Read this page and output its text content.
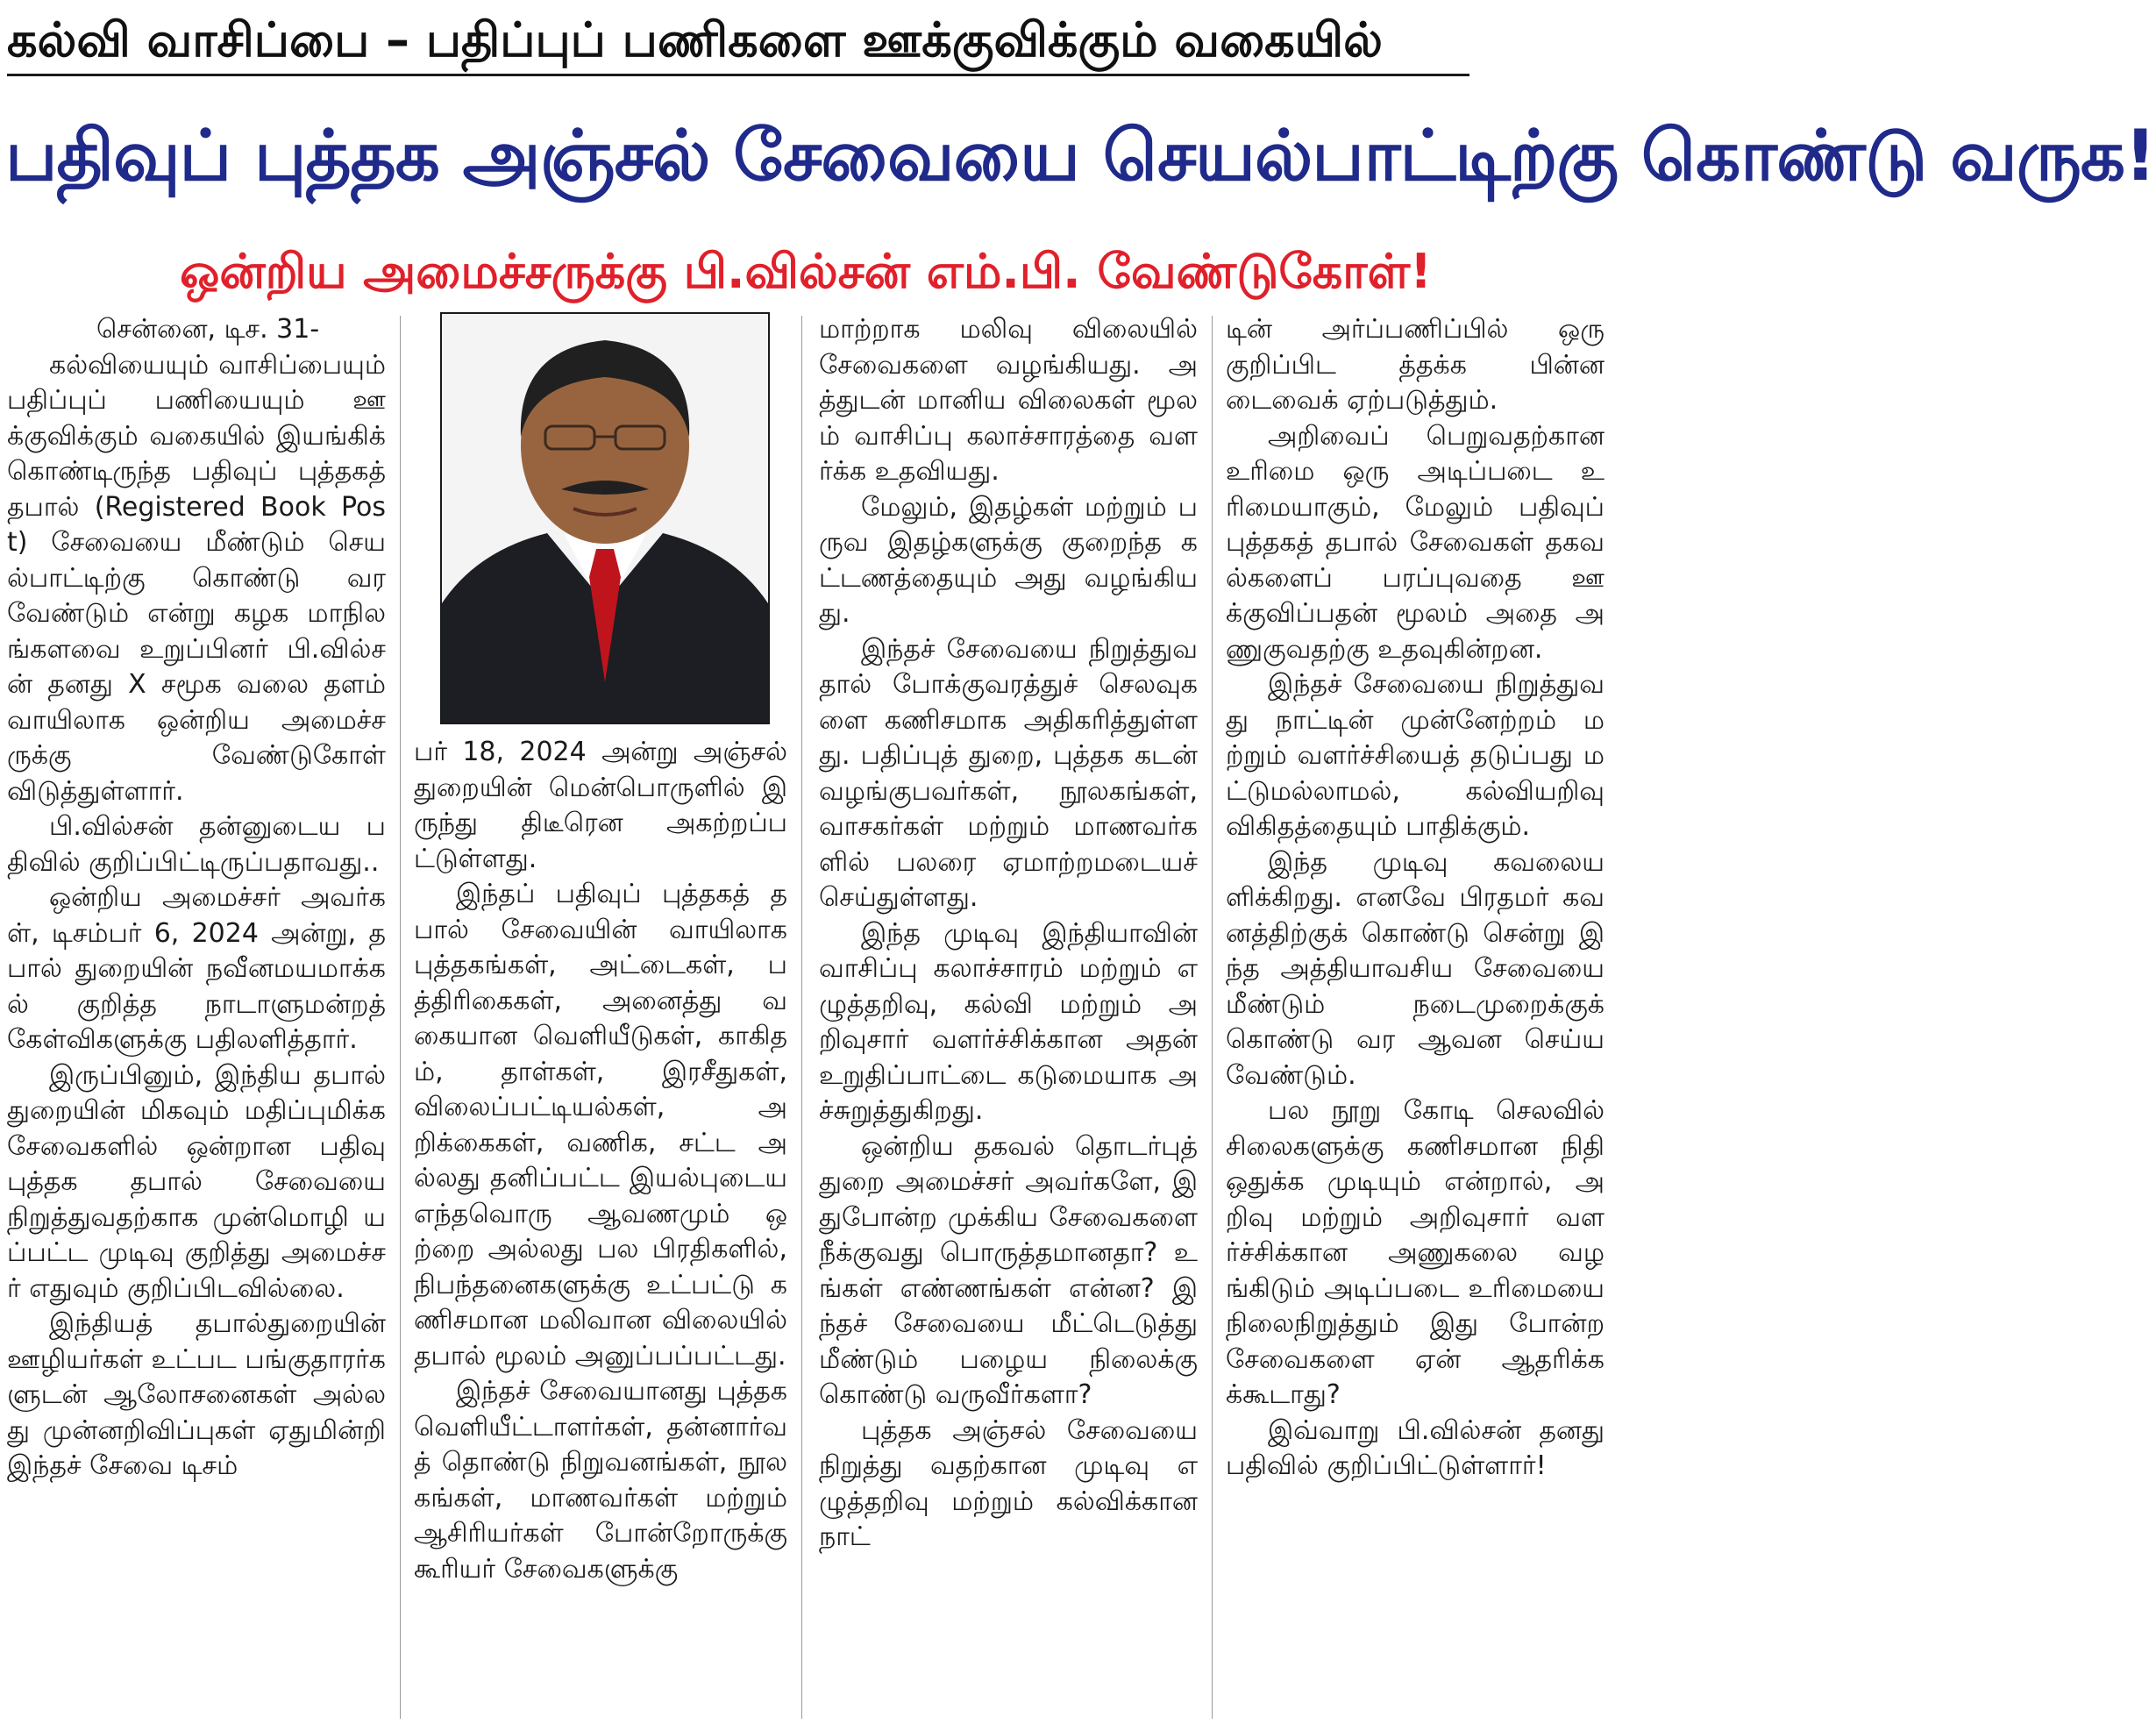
கல்வி வாசிப்பை – பதிப்புப் பணிகளை ஊக்குவிக்கும் வகையில்
பதிவுப் புத்தக அஞ்சல் சேவையை செயல்பாட்டிற்கு கொண்டு வருக!
ஒன்றிய அமைச்சருக்கு பி.வில்சன் எம்.பி. வேண்டுகோள்!

சென்னை, டிச. 31-

கல்வியையும் வாசிப்பையும் பதிப்புப் பணியையும் ஊக்குவிக்கும் வகையில் இயங்கிக் கொண்டிருந்த பதிவுப் புத்தகத் தபால் (Registered Book Post) சேவையை மீண்டும் செயல்பாட்டிற்கு கொண்டு வர வேண்டும் என்று கழக மாநிலங்களவை உறுப்பினர் பி.வில்சன் தனது X சமூக வலை தளம் வாயிலாக ஒன்றிய அமைச்சருக்கு வேண்டுகோள் விடுத்துள்ளார்.

பி.வில்சன் தன்னுடைய பதிவில் குறிப்பிட்டிருப்பதாவது..

ஒன்றிய அமைச்சர் அவர்கள், டிசம்பர் 6, 2024 அன்று, தபால் துறையின் நவீனமயமாக்கல் குறித்த நாடாளுமன்றத் கேள்விகளுக்கு பதிலளித்தார்.

இருப்பினும், இந்திய தபால் துறையின் மிகவும் மதிப்புமிக்க சேவைகளில் ஒன்றான பதிவு புத்தக தபால் சேவையை நிறுத்துவதற்காக முன்மொழி யப்பட்ட முடிவு குறித்து அமைச்சர் எதுவும் குறிப்பிடவில்லை.

இந்தியத் தபால்துறையின் ஊழியர்கள் உட்பட பங்குதாரர்களுடன் ஆலோசனைகள் அல்லது முன்னறிவிப்புகள் ஏதுமின்றி இந்தச் சேவை டிசம்

பர் 18, 2024 அன்று அஞ்சல் துறையின் மென்பொருளில் இருந்து திடீரென அகற்றப்பட்டுள்ளது.

இந்தப் பதிவுப் புத்தகத் தபால் சேவையின் வாயிலாக புத்தகங்கள், அட்டைகள், பத்திரிகைகள், அனைத்து வகையான வெளியீடுகள், காகிதம், தாள்கள், இரசீதுகள், விலைப்பட்டியல்கள், அறிக்கைகள், வணிக, சட்ட அல்லது தனிப்பட்ட இயல்புடைய எந்தவொரு ஆவணமும் ஒற்றை அல்லது பல பிரதிகளில், நிபந்தனைகளுக்கு உட்பட்டு கணிசமான மலிவான விலையில் தபால் மூலம் அனுப்பப்பட்டது.

இந்தச் சேவையானது புத்தக வெளியீட்டாளர்கள், தன்னார்வத் தொண்டு நிறுவனங்கள், நூலகங்கள், மாணவர்கள் மற்றும் ஆசிரியர்கள் போன்றோருக்கு கூரியர் சேவைகளுக்கு

மாற்றாக மலிவு விலையில் சேவைகளை வழங்கியது. அத்துடன் மானிய விலைகள் மூலம் வாசிப்பு கலாச்சாரத்தை வளர்க்க உதவியது.

மேலும், இதழ்கள் மற்றும் பருவ இதழ்களுக்கு குறைந்த கட்டணத்தையும் அது வழங்கியது.

இந்தச் சேவையை நிறுத்துவதால் போக்குவரத்துச் செலவுகளை கணிசமாக அதிகரித்துள்ளது. பதிப்புத் துறை, புத்தக கடன் வழங்குபவர்கள், நூலகங்கள், வாசகர்கள் மற்றும் மாணவர்களில் பலரை ஏமாற்றமடையச் செய்துள்ளது.

இந்த முடிவு இந்தியாவின் வாசிப்பு கலாச்சாரம் மற்றும் எழுத்தறிவு, கல்வி மற்றும் அறிவுசார் வளர்ச்சிக்கான அதன் உறுதிப்பாட்டை கடுமையாக அச்சுறுத்துகிறது.

ஒன்றிய தகவல் தொடர்புத் துறை அமைச்சர் அவர்களே, இதுபோன்ற முக்கிய சேவைகளை நீக்குவது பொருத்தமானதா? உங்கள் எண்ணங்கள் என்ன? இந்தச் சேவையை மீட்டெடுத்து மீண்டும் பழைய நிலைக்கு கொண்டு வருவீர்களா?

புத்தக அஞ்சல் சேவையை நிறுத்து வதற்கான முடிவு எழுத்தறிவு மற்றும் கல்விக்கான நாட்

டின் அர்ப்பணிப்பில் ஒரு குறிப்பிட த்தக்க பின்னடைவைக் ஏற்படுத்தும்.

அறிவைப் பெறுவதற்கான உரிமை ஒரு அடிப்படை உரிமையாகும், மேலும் பதிவுப் புத்தகத் தபால் சேவைகள் தகவல்களைப் பரப்புவதை ஊக்குவிப்பதன் மூலம் அதை அணுகுவதற்கு உதவுகின்றன.

இந்தச் சேவையை நிறுத்துவது நாட்டின் முன்னேற்றம் மற்றும் வளர்ச்சியைத் தடுப்பது மட்டுமல்லாமல், கல்வியறிவு விகிதத்தையும் பாதிக்கும்.

இந்த முடிவு கவலையளிக்கிறது. எனவே பிரதமர் கவனத்திற்குக் கொண்டு சென்று இந்த அத்தியாவசிய சேவையை மீண்டும் நடைமுறைக்குக் கொண்டு வர ஆவன செய்ய வேண்டும்.

பல நூறு கோடி செலவில் சிலைகளுக்கு கணிசமான நிதி ஒதுக்க முடியும் என்றால், அறிவு மற்றும் அறிவுசார் வளர்ச்சிக்கான அணுகலை வழங்கிடும் அடிப்படை உரிமையை நிலைநிறுத்தும் இது போன்ற சேவைகளை ஏன் ஆதரிக்கக்கூடாது?

இவ்வாறு பி.வில்சன் தனது பதிவில் குறிப்பிட்டுள்ளார்!
